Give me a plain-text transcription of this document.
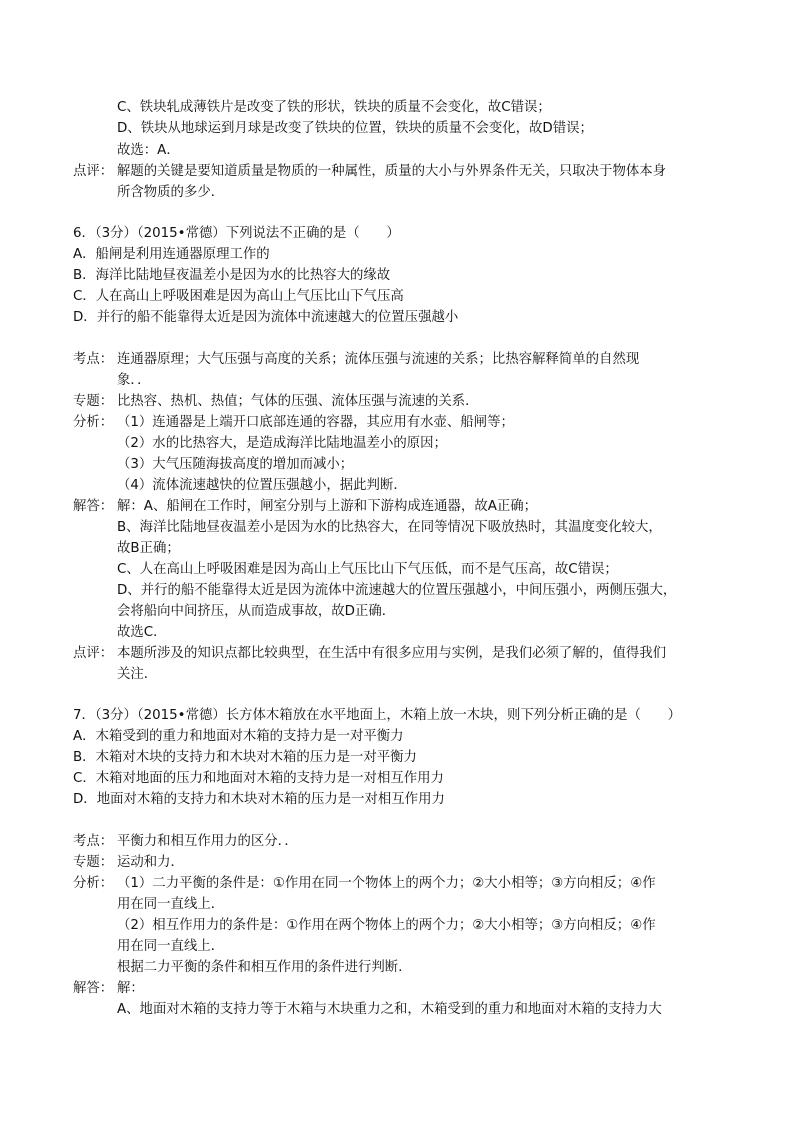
C、铁块轧成薄铁片是改变了铁的形状，铁块的质量不会变化，故C错误；
D、铁块从地球运到月球是改变了铁块的位置，铁块的质量不会变化，故D错误；
故选：A．
点评： 解题的关键是要知道质量是物质的一种属性，质量的大小与外界条件无关，只取决于物体本身
所含物质的多少．
6．（3分）（2015•常德）下列说法不正确的是（　　）
A．船闸是利用连通器原理工作的
B．海洋比陆地昼夜温差小是因为水的比热容大的缘故
C．人在高山上呼吸困难是因为高山上气压比山下气压高
D．并行的船不能靠得太近是因为流体中流速越大的位置压强越小
考点： 连通器原理；大气压强与高度的关系；流体压强与流速的关系；比热容解释简单的自然现
象．．
专题： 比热容、热机、热值；气体的压强、流体压强与流速的关系．
分析： （1）连通器是上端开口底部连通的容器，其应用有水壶、船闸等；
（2）水的比热容大，是造成海洋比陆地温差小的原因；
（3）大气压随海拔高度的增加而减小；
（4）流体流速越快的位置压强越小，据此判断．
解答： 解：A、船闸在工作时，闸室分别与上游和下游构成连通器，故A正确；
B、海洋比陆地昼夜温差小是因为水的比热容大，在同等情况下吸放热时，其温度变化较大，
故B正确；
C、人在高山上呼吸困难是因为高山上气压比山下气压低，而不是气压高，故C错误；
D、并行的船不能靠得太近是因为流体中流速越大的位置压强越小，中间压强小，两侧压强大，
会将船向中间挤压，从而造成事故，故D正确．
故选C．
点评： 本题所涉及的知识点都比较典型，在生活中有很多应用与实例，是我们必须了解的，值得我们
关注．
7．（3分）（2015•常德）长方体木箱放在水平地面上，木箱上放一木块，则下列分析正确的是（　　）
A．木箱受到的重力和地面对木箱的支持力是一对平衡力
B．木箱对木块的支持力和木块对木箱的压力是一对平衡力
C．木箱对地面的压力和地面对木箱的支持力是一对相互作用力
D．地面对木箱的支持力和木块对木箱的压力是一对相互作用力
考点： 平衡力和相互作用力的区分．．
专题： 运动和力．
分析： （1）二力平衡的条件是：①作用在同一个物体上的两个力；②大小相等；③方向相反；④作
用在同一直线上．
（2）相互作用力的条件是：①作用在两个物体上的两个力；②大小相等；③方向相反；④作
用在同一直线上．
根据二力平衡的条件和相互作用的条件进行判断．
解答： 解：
A、地面对木箱的支持力等于木箱与木块重力之和，木箱受到的重力和地面对木箱的支持力大
